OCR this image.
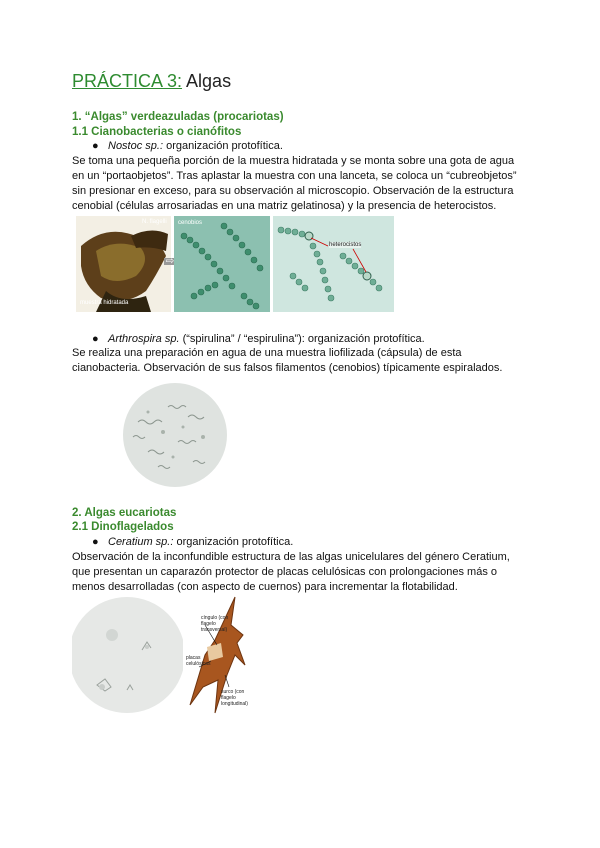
PRÁCTICA 3: Algas
1. “Algas” verdeazuladas (procariotas)
1.1 Cianobacterias o cianófitos
● Nostoc sp.: organización protofítica.
Se toma una pequeña porción de la muestra hidratada y se monta sobre una gota de agua
en un “portaobjetos”. Tras aplastar la muestra con una lanceta, se coloca un “cubreobjetos”
sin presionar en exceso, para su observación al microscopio. Observación de la estructura
cenobial (células arrosariadas en una matriz gelatinosa) y la presencia de heterocistos.
N. flagelli
muestra hidratada
⇨
cenobios
heterocistos
● Arthrospira sp. (“spirulina” / “espirulina”): organización protofítica.
Se realiza una preparación en agua de una muestra liofilizada (cápsula) de esta
cianobacteria. Observación de sus falsos filamentos (cenobios) típicamente espiralados.
2. Algas eucariotas
2.1 Dinoflagelados
● Ceratium sp.: organización protofítica.
Observación de la inconfundible estructura de las algas unicelulares del género Ceratium,
que presentan un caparazón protector de placas celulósicas con prolongaciones más o
menos desarrolladas (con aspecto de cuernos) para incrementar la flotabilidad.
cíngulo (con flagelo transversal)
placas celulósicas
surco (con flagelo longitudinal)
